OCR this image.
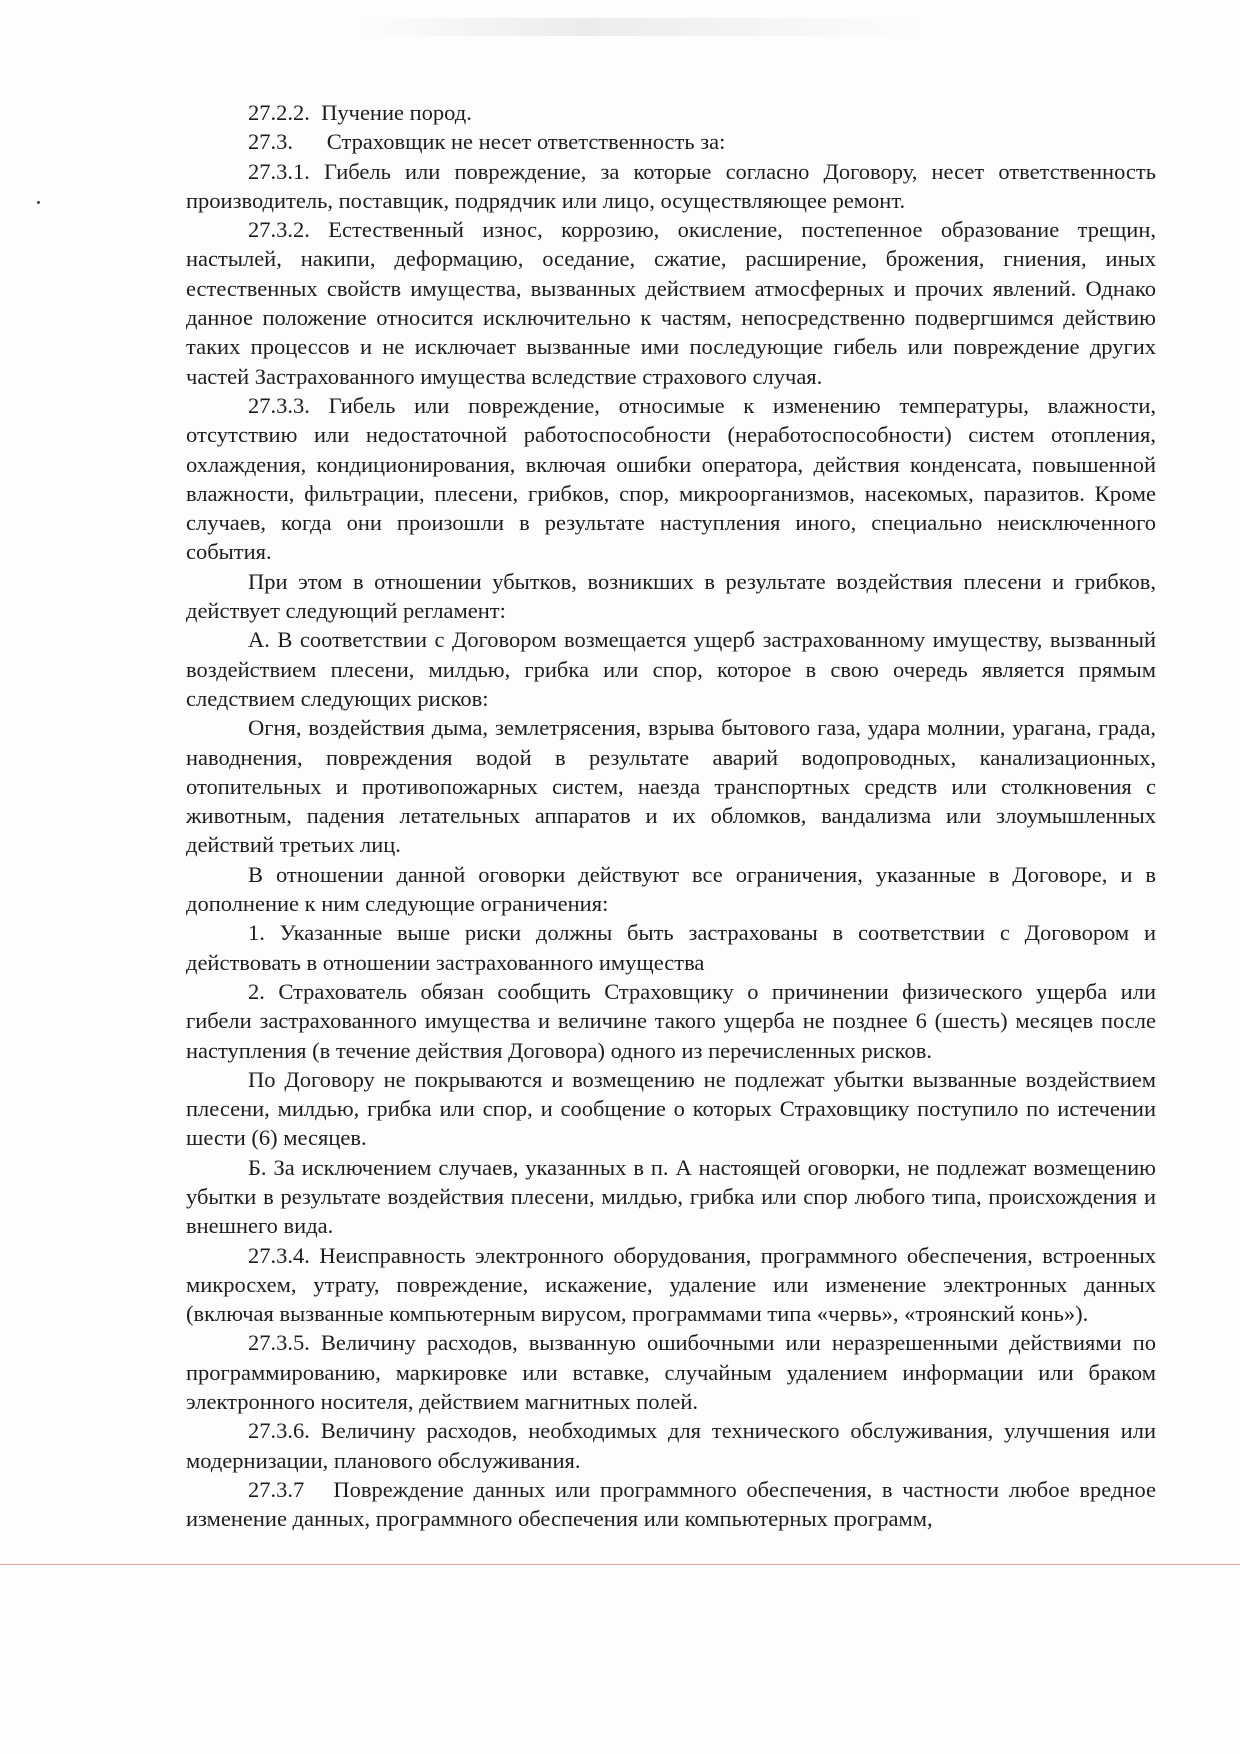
27.2.2.  Пучение пород.

27.3.      Страховщик не несет ответственность за:

27.3.1. Гибель или повреждение, за которые согласно Договору, несет ответственность производитель, поставщик, подрядчик или лицо, осуществляющее ремонт.

27.3.2. Естественный износ, коррозию, окисление, постепенное образование трещин, настылей, накипи, деформацию, оседание, сжатие, расширение, брожения, гниения, иных естественных свойств имущества, вызванных действием атмосферных и прочих явлений. Однако данное положение относится исключительно к частям, непосредственно подвергшимся действию таких процессов и не исключает вызванные ими последующие гибель или повреждение других частей Застрахованного имущества вследствие страхового случая.

27.3.3. Гибель или повреждение, относимые к изменению температуры, влажности, отсутствию или недостаточной работоспособности (неработоспособности) систем отопления, охлаждения, кондиционирования, включая ошибки оператора, действия конденсата, повышенной влажности, фильтрации, плесени, грибков, спор, микроорганизмов, насекомых, паразитов. Кроме случаев, когда они произошли в результате наступления иного, специально неисключенного события.

При этом в отношении убытков, возникших в результате воздействия плесени и грибков, действует следующий регламент:

А. В соответствии с Договором возмещается ущерб застрахованному имуществу, вызванный воздействием плесени, милдью, грибка или спор, которое в свою очередь является прямым следствием следующих рисков:

Огня, воздействия дыма, землетрясения, взрыва бытового газа, удара молнии, урагана, града, наводнения, повреждения водой в результате аварий водопроводных, канализационных, отопительных и противопожарных систем, наезда транспортных средств или столкновения с животным, падения летательных аппаратов и их обломков, вандализма или злоумышленных действий третьих лиц.

В отношении данной оговорки действуют все ограничения, указанные в Договоре, и в дополнение к ним следующие ограничения:

1. Указанные выше риски должны быть застрахованы в соответствии с Договором и действовать в отношении застрахованного имущества

2. Страхователь обязан сообщить Страховщику о причинении физического ущерба или гибели застрахованного имущества и величине такого ущерба не позднее 6 (шесть) месяцев после наступления (в течение действия Договора) одного из перечисленных рисков.

По Договору не покрываются и возмещению не подлежат убытки вызванные воздействием плесени, милдью, грибка или спор, и сообщение о которых Страховщику поступило по истечении шести (6) месяцев.

Б. За исключением случаев, указанных в п. А настоящей оговорки, не подлежат возмещению убытки в результате воздействия плесени, милдью, грибка или спор любого типа, происхождения и внешнего вида.

27.3.4. Неисправность электронного оборудования, программного обеспечения, встроенных микросхем, утрату, повреждение, искажение, удаление или изменение электронных данных (включая вызванные компьютерным вирусом, программами типа «червь», «троянский конь»).

27.3.5. Величину расходов, вызванную ошибочными или неразрешенными действиями по программированию, маркировке или вставке, случайным удалением информации или браком электронного носителя, действием магнитных полей.

27.3.6. Величину расходов, необходимых для технического обслуживания, улучшения или модернизации, планового обслуживания.

27.3.7   Повреждение данных или программного обеспечения, в частности любое вредное изменение данных, программного обеспечения или компьютерных программ,
